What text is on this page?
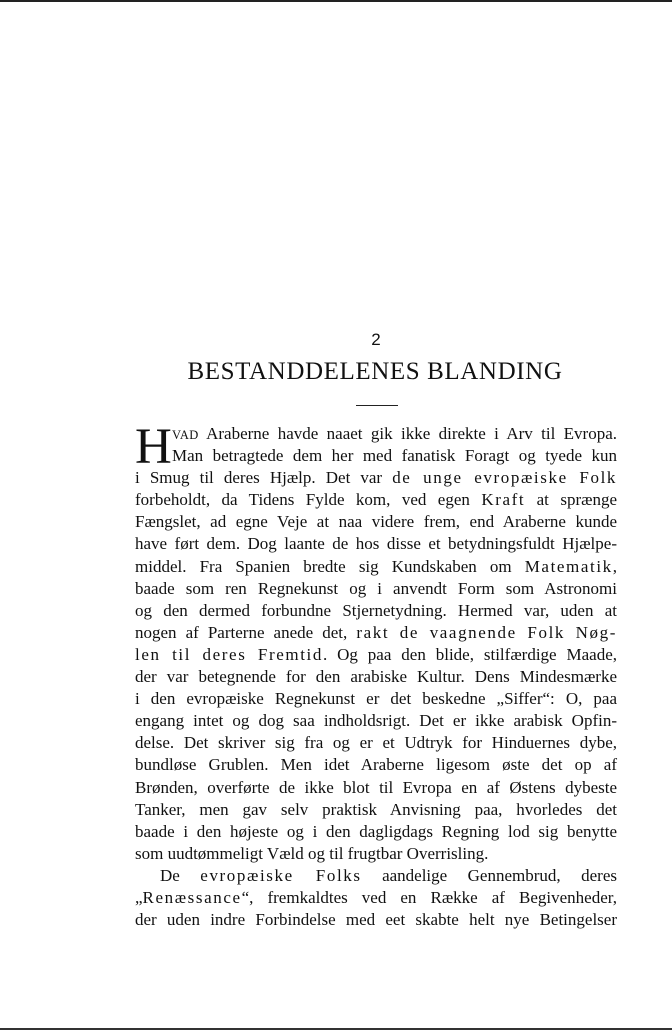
2
BESTANDDELENES BLANDING
H VAD Araberne havde naaet gik ikke direkte i Arv til Evropa.
Man betragtede dem her med fanatisk Foragt og tyede kun
i Smug til deres Hjælp. Det var de unge evropæiske Folk
forbeholdt, da Tidens Fylde kom, ved egen Kraft at sprænge
Fængslet, ad egne Veje at naa videre frem, end Araberne kunde
have ført dem. Dog laante de hos disse et betydningsfuldt Hjælpe-
middel. Fra Spanien bredte sig Kundskaben om Matematik,
baade som ren Regnekunst og i anvendt Form som Astronomi
og den dermed forbundne Stjernetydning. Hermed var, uden at
nogen af Parterne anede det, rakt de vaagnende Folk Nøg-
len til deres Fremtid. Og paa den blide, stilfærdige Maade,
der var betegnende for den arabiske Kultur. Dens Mindesmærke
i den evropæiske Regnekunst er det beskedne „Siffer“: O, paa
engang intet og dog saa indholdsrigt. Det er ikke arabisk Opfin-
delse. Det skriver sig fra og er et Udtryk for Hinduernes dybe,
bundløse Grublen. Men idet Araberne ligesom øste det op af
Brønden, overførte de ikke blot til Evropa en af Østens dybeste
Tanker, men gav selv praktisk Anvisning paa, hvorledes det
baade i den højeste og i den dagligdags Regning lod sig benytte
som uudtømmeligt Væld og til frugtbar Overrisling.
De evropæiske Folks aandelige Gennembrud, deres
„Renæssance“, fremkaldtes ved en Række af Begivenheder,
der uden indre Forbindelse med eet skabte helt nye Betingelser
